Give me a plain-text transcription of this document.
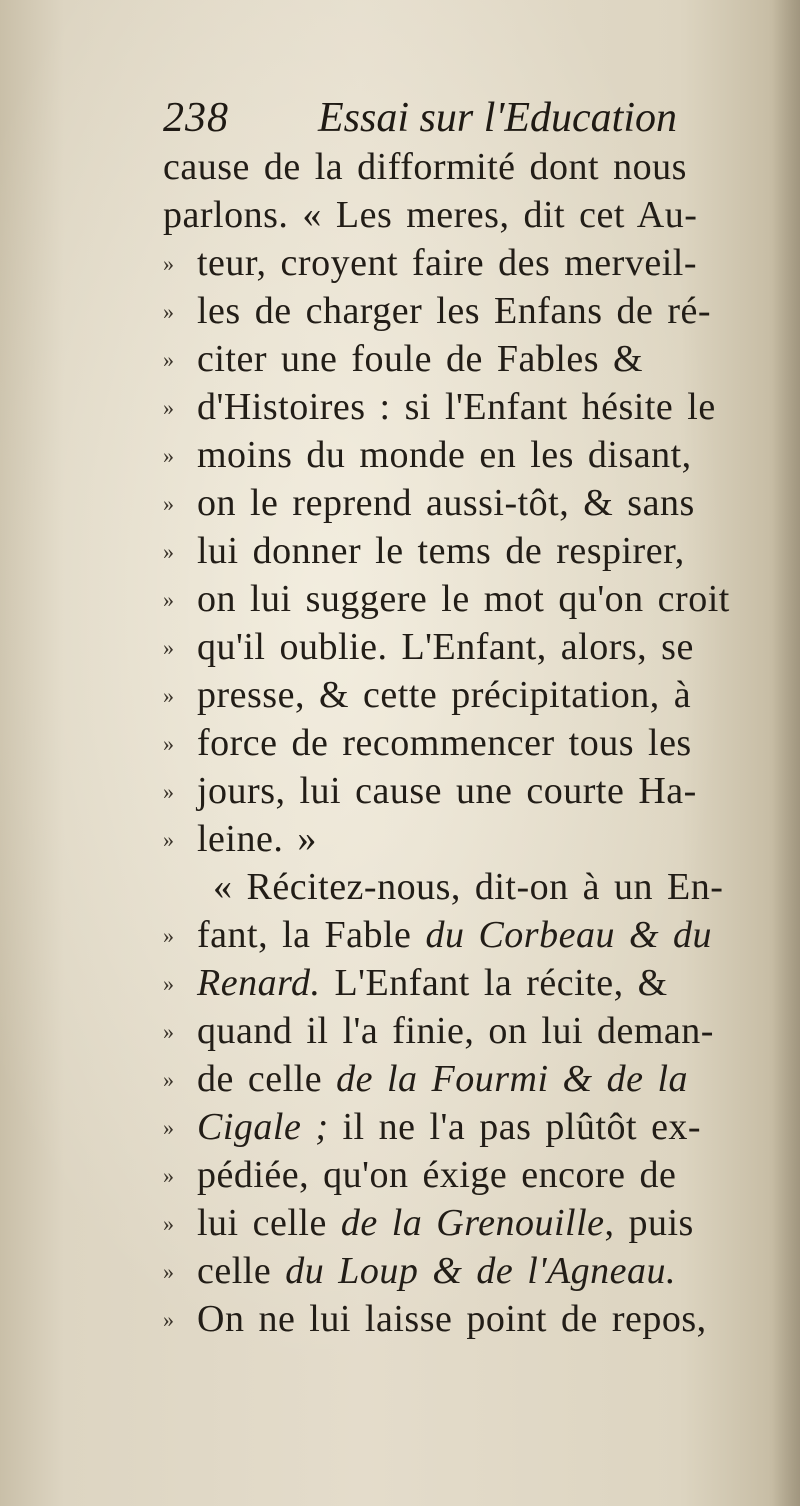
238 Essai sur l'Education
cause de la difformité dont nous
parlons. « Les meres, dit cet Au-
» teur, croyent faire des merveil-
» les de charger les Enfans de ré-
» citer une foule de Fables &
» d'Histoires : si l'Enfant hésite le
» moins du monde en les disant,
» on le reprend aussi-tôt, & sans
» lui donner le tems de respirer,
» on lui suggere le mot qu'on croit
» qu'il oublie. L'Enfant, alors, se
» presse, & cette précipitation, à
» force de recommencer tous les
» jours, lui cause une courte Ha-
» leine. »
« Récitez-nous, dit-on à un En-
» fant, la Fable du Corbeau & du
» Renard. L'Enfant la récite, &
» quand il l'a finie, on lui deman-
» de celle de la Fourmi & de la
» Cigale ; il ne l'a pas plûtôt ex-
» pédiée, qu'on éxige encore de
» lui celle de la Grenouille, puis
» celle du Loup & de l'Agneau.
» On ne lui laisse point de repos,
